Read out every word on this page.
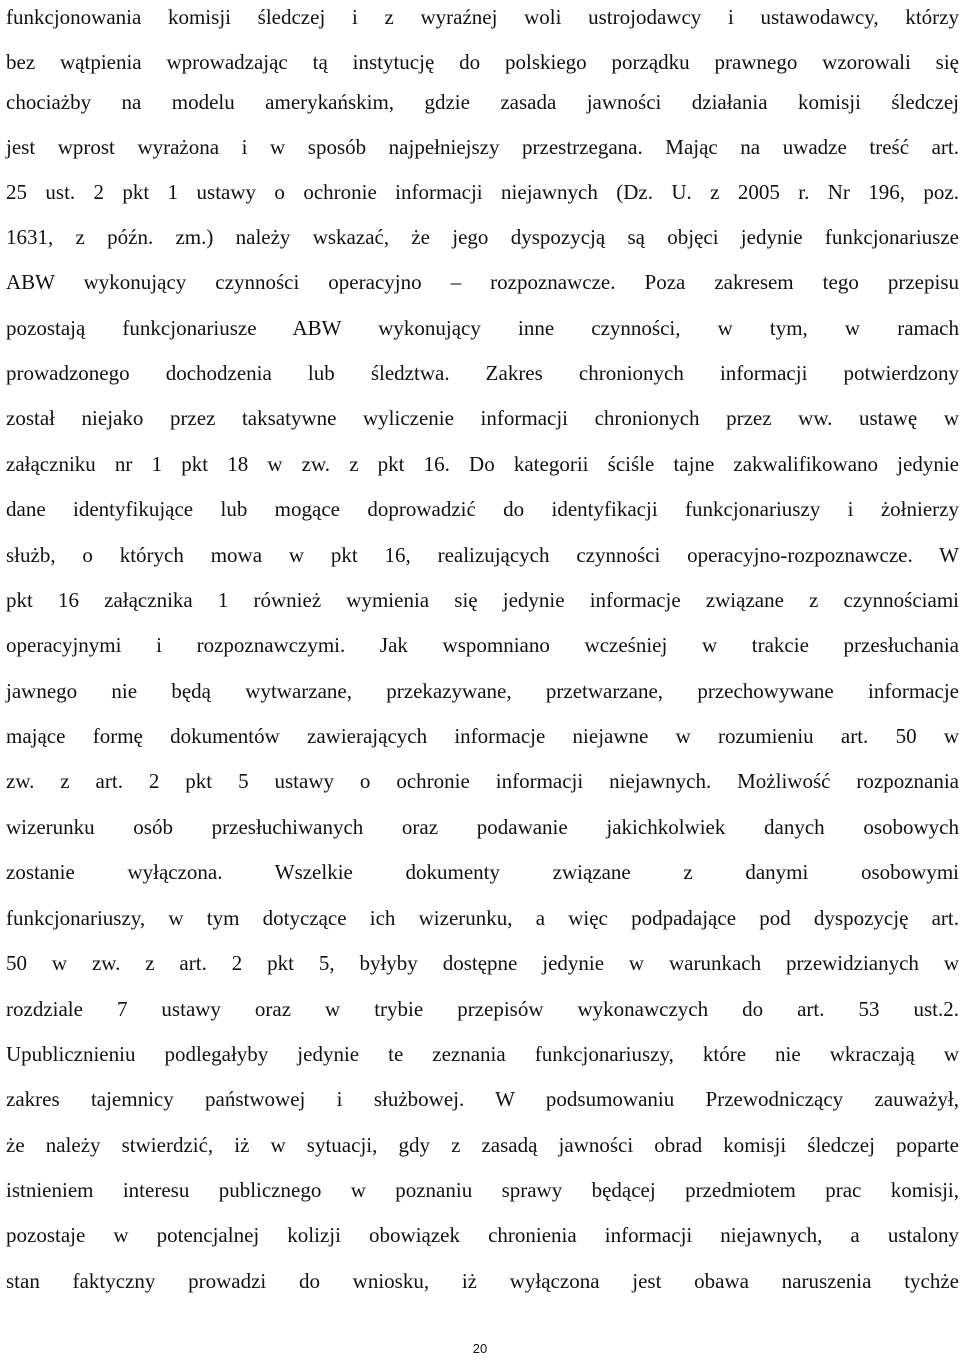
funkcjonowania komisji śledczej i z wyraźnej woli ustrojodawcy i ustawodawcy, którzy
bez wątpienia wprowadzając tą instytucję do polskiego porządku prawnego wzorowali się
chociażby na modelu amerykańskim, gdzie zasada jawności działania komisji śledczej
jest wprost wyrażona i w sposób najpełniejszy przestrzegana. Mając na uwadze treść art.
25 ust. 2 pkt 1 ustawy o ochronie informacji niejawnych (Dz. U. z 2005 r. Nr 196, poz.
1631, z późn. zm.) należy wskazać, że jego dyspozycją są objęci jedynie funkcjonariusze
ABW wykonujący czynności operacyjno – rozpoznawcze. Poza zakresem tego przepisu
pozostają funkcjonariusze ABW wykonujący inne czynności, w tym, w ramach
prowadzonego dochodzenia lub śledztwa. Zakres chronionych informacji potwierdzony
został niejako przez taksatywne wyliczenie informacji chronionych przez ww. ustawę w
załączniku nr 1 pkt 18 w zw. z pkt 16. Do kategorii ściśle tajne zakwalifikowano jedynie
dane identyfikujące lub mogące doprowadzić do identyfikacji funkcjonariuszy i żołnierzy
służb, o których mowa w pkt 16, realizujących czynności operacyjno-rozpoznawcze. W
pkt 16 załącznika 1 również wymienia się jedynie informacje związane z czynnościami
operacyjnymi i rozpoznawczymi. Jak wspomniano wcześniej w trakcie przesłuchania
jawnego nie będą wytwarzane, przekazywane, przetwarzane, przechowywane informacje
mające formę dokumentów zawierających informacje niejawne w rozumieniu art. 50 w
zw. z art. 2 pkt 5 ustawy o ochronie informacji niejawnych. Możliwość rozpoznania
wizerunku osób przesłuchiwanych oraz podawanie jakichkolwiek danych osobowych
zostanie wyłączona. Wszelkie dokumenty związane z danymi osobowymi
funkcjonariuszy, w tym dotyczące ich wizerunku, a więc podpadające pod dyspozycję art.
50 w zw. z art. 2 pkt 5, byłyby dostępne jedynie w warunkach przewidzianych w
rozdziale 7 ustawy oraz w trybie przepisów wykonawczych do art. 53 ust.2.
Upublicznieniu podlegałyby jedynie te zeznania funkcjonariuszy, które nie wkraczają w
zakres tajemnicy państwowej i służbowej. W podsumowaniu Przewodniczący zauważył,
że należy stwierdzić, iż w sytuacji, gdy z zasadą jawności obrad komisji śledczej poparte
istnieniem interesu publicznego w poznaniu sprawy będącej przedmiotem prac komisji,
pozostaje w potencjalnej kolizji obowiązek chronienia informacji niejawnych, a ustalony
stan faktyczny prowadzi do wniosku, iż wyłączona jest obawa naruszenia tychże
20
